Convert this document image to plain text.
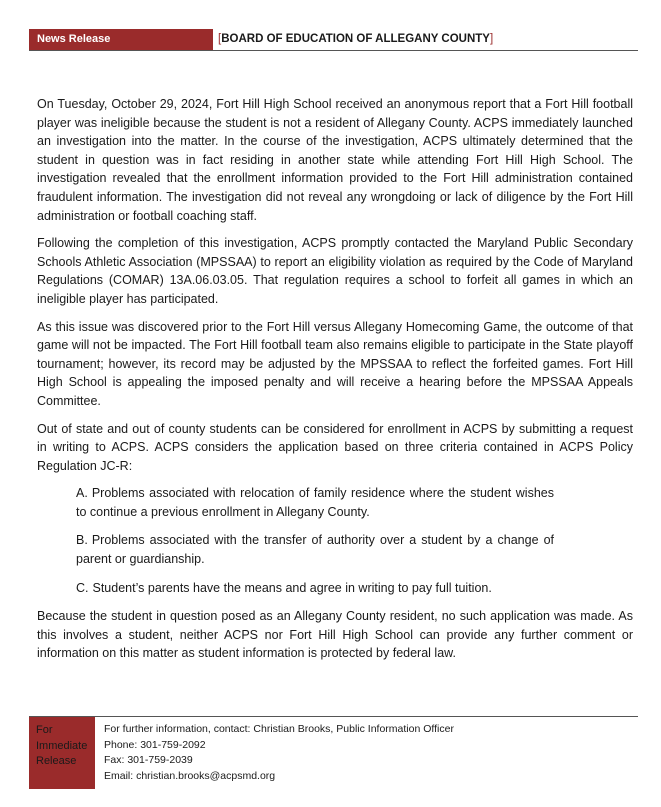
News Release	[BOARD OF EDUCATION OF ALLEGANY COUNTY]

On Tuesday, October 29, 2024, Fort Hill High School received an anonymous report that a Fort Hill football player was ineligible because the student is not a resident of Allegany County. ACPS immediately launched an investigation into the matter. In the course of the investigation, ACPS ultimately determined that the student in question was in fact residing in another state while attending Fort Hill High School. The investigation revealed that the enrollment information provided to the Fort Hill administration contained fraudulent information. The investigation did not reveal any wrongdoing or lack of diligence by the Fort Hill administration or football coaching staff.

Following the completion of this investigation, ACPS promptly contacted the Maryland Public Secondary Schools Athletic Association (MPSSAA) to report an eligibility violation as required by the Code of Maryland Regulations (COMAR) 13A.06.03.05. That regulation requires a school to forfeit all games in which an ineligible player has participated.

As this issue was discovered prior to the Fort Hill versus Allegany Homecoming Game, the outcome of that game will not be impacted. The Fort Hill football team also remains eligible to participate in the State playoff tournament; however, its record may be adjusted by the MPSSAA to reflect the forfeited games. Fort Hill High School is appealing the imposed penalty and will receive a hearing before the MPSSAA Appeals Committee.

Out of state and out of county students can be considered for enrollment in ACPS by submitting a request in writing to ACPS. ACPS considers the application based on three criteria contained in ACPS Policy Regulation JC-R:

A. Problems associated with relocation of family residence where the student wishes to continue a previous enrollment in Allegany County.
B. Problems associated with the transfer of authority over a student by a change of parent or guardianship.
C. Student’s parents have the means and agree in writing to pay full tuition.

Because the student in question posed as an Allegany County resident, no such application was made. As this involves a student, neither ACPS nor Fort Hill High School can provide any further comment or information on this matter as student information is protected by federal law.

For
Immediate
Release
For further information, contact: Christian Brooks, Public Information Officer
Phone: 301-759-2092
Fax: 301-759-2039
Email: christian.brooks@acpsmd.org
